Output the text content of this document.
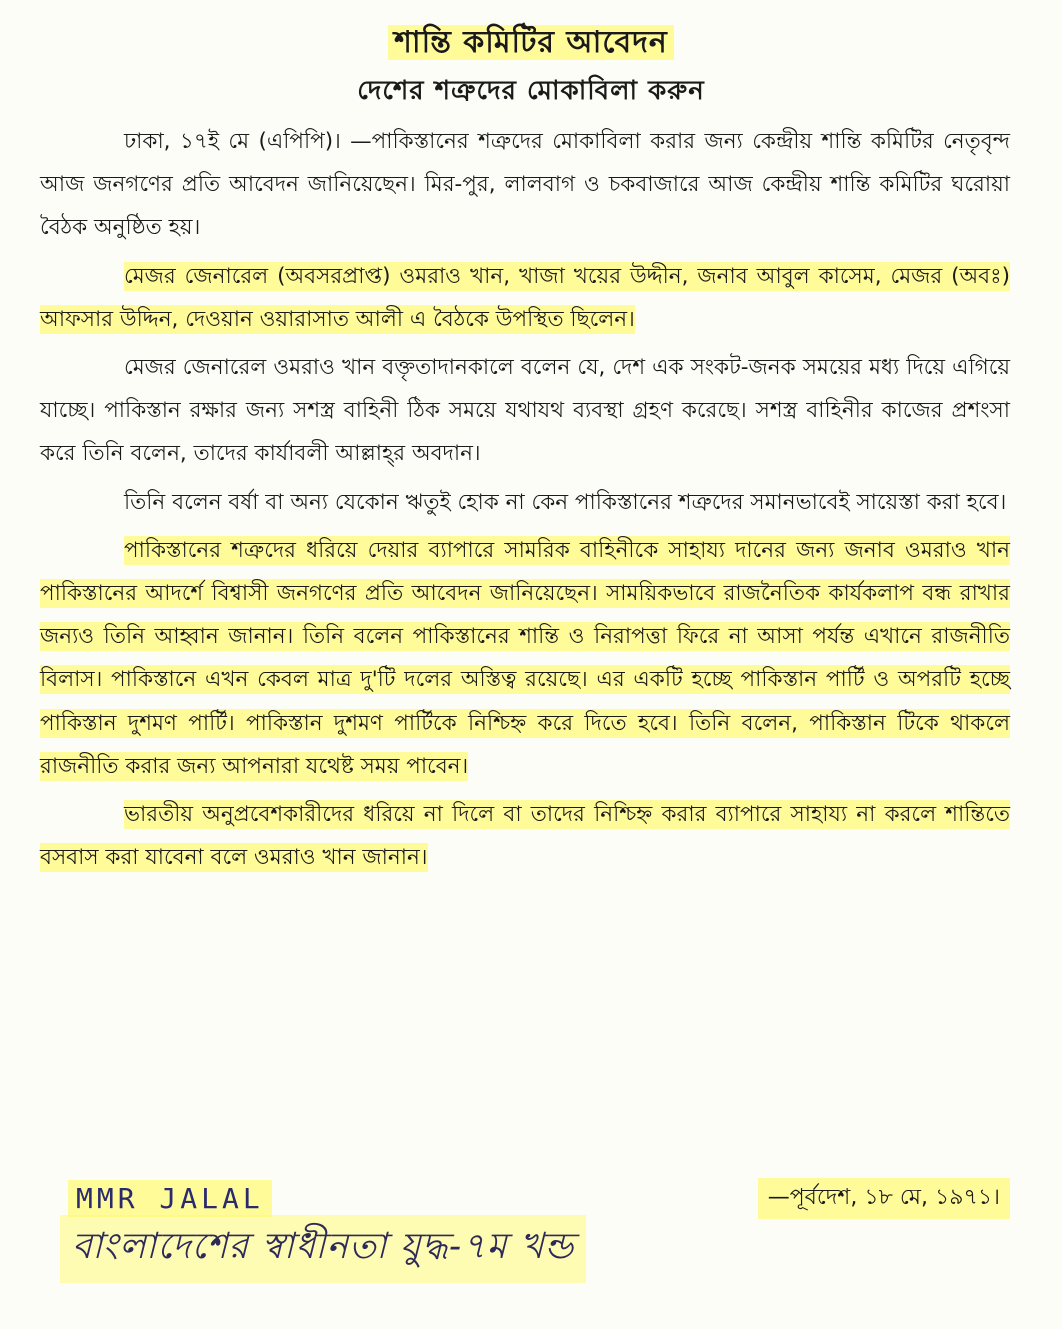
শান্তি কমিটির আবেদন
দেশের শত্রুদের মোকাবিলা করুন

ঢাকা, ১৭ই মে (এপিপি)। —পাকিস্তানের শত্রুদের মোকাবিলা করার জন্য কেন্দ্রীয় শান্তি কমিটির নেতৃবৃন্দ আজ জনগণের প্রতি আবেদন জানিয়েছেন। মির-পুর, লালবাগ ও চকবাজারে আজ কেন্দ্রীয় শান্তি কমিটির ঘরোয়া বৈঠক অনুষ্ঠিত হয়।

মেজর জেনারেল (অবসরপ্রাপ্ত) ওমরাও খান, খাজা খয়ের উদ্দীন, জনাব আবুল কাসেম, মেজর (অবঃ) আফসার উদ্দিন, দেওয়ান ওয়ারাসাত আলী এ বৈঠকে উপস্থিত ছিলেন।

মেজর জেনারেল ওমরাও খান বক্তৃতাদানকালে বলেন যে, দেশ এক সংকট-জনক সময়ের মধ্য দিয়ে এগিয়ে যাচ্ছে। পাকিস্তান রক্ষার জন্য সশস্ত্র বাহিনী ঠিক সময়ে যথাযথ ব্যবস্থা গ্রহণ করেছে। সশস্ত্র বাহিনীর কাজের প্রশংসা করে তিনি বলেন, তাদের কার্যাবলী আল্লাহ্‌র অবদান।

তিনি বলেন বর্ষা বা অন্য যেকোন ঋতুই হোক না কেন পাকিস্তানের শত্রুদের সমানভাবেই সায়েস্তা করা হবে।

পাকিস্তানের শত্রুদের ধরিয়ে দেয়ার ব্যাপারে সামরিক বাহিনীকে সাহায্য দানের জন্য জনাব ওমরাও খান পাকিস্তানের আদর্শে বিশ্বাসী জনগণের প্রতি আবেদন জানিয়েছেন। সাময়িকভাবে রাজনৈতিক কার্যকলাপ বন্ধ রাখার জন্যও তিনি আহ্বান জানান। তিনি বলেন পাকিস্তানের শান্তি ও নিরাপত্তা ফিরে না আসা পর্যন্ত এখানে রাজনীতি বিলাস। পাকিস্তানে এখন কেবল মাত্র দু'টি দলের অস্তিত্ব রয়েছে। এর একটি হচ্ছে পাকিস্তান পার্টি ও অপরটি হচ্ছে পাকিস্তান দুশমণ পার্টি। পাকিস্তান দুশমণ পার্টিকে নিশ্চিহ্ন করে দিতে হবে। তিনি বলেন, পাকিস্তান টিকে থাকলে রাজনীতি করার জন্য আপনারা যথেষ্ট সময় পাবেন।

ভারতীয় অনুপ্রবেশকারীদের ধরিয়ে না দিলে বা তাদের নিশ্চিহ্ন করার ব্যাপারে সাহায্য না করলে শান্তিতে বসবাস করা যাবেনা বলে ওমরাও খান জানান।

MMR JALAL	—পূর্বদেশ, ১৮ মে, ১৯৭১।
বাংলাদেশের স্বাধীনতা যুদ্ধ-৭ম খন্ড
